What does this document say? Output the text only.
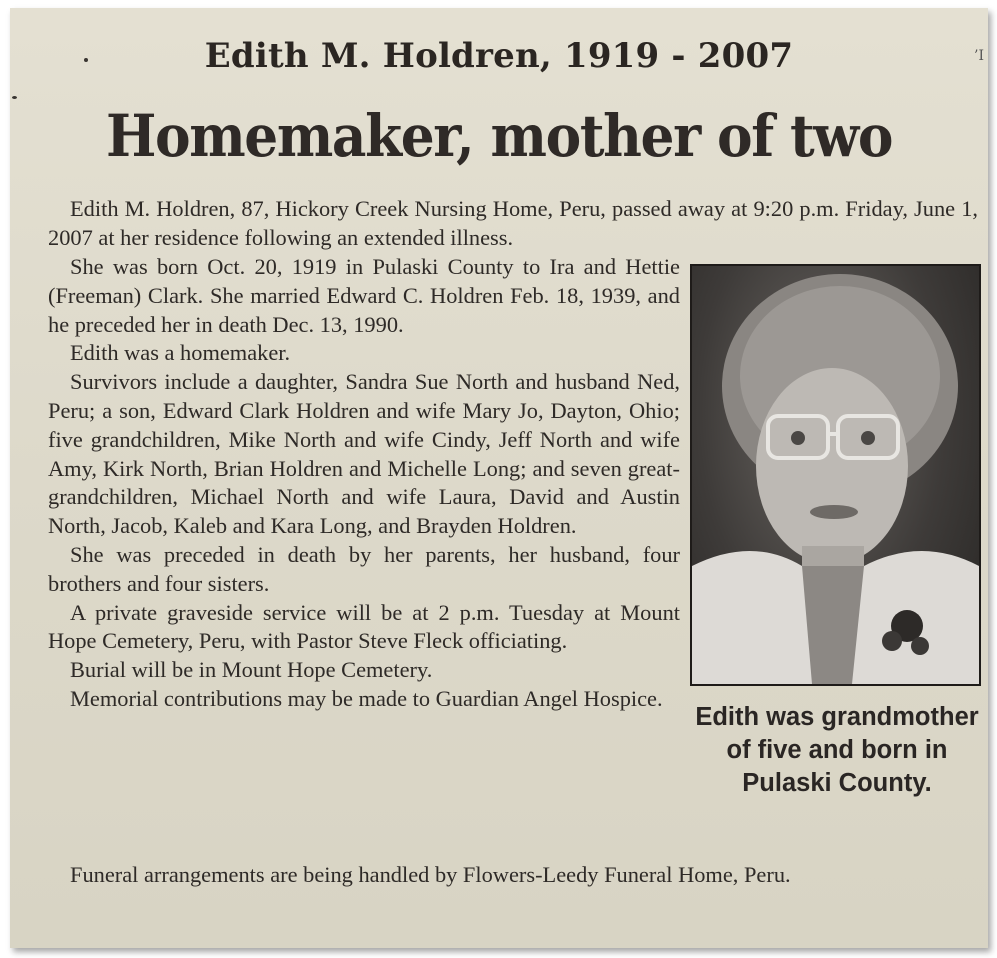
’I
Edith M. Holdren, 1919 - 2007
Homemaker, mother of two

Edith M. Holdren, 87, Hickory Creek Nursing Home, Peru, passed away at 9:20 p.m. Friday, June 1, 2007 at her residence following an extended illness.

She was born Oct. 20, 1919 in Pulaski County to Ira and Hettie (Freeman) Clark. She married Edward C. Holdren Feb. 18, 1939, and he preceded her in death Dec. 13, 1990.

Edith was a homemaker.

Survivors include a daughter, Sandra Sue North and husband Ned, Peru; a son, Edward Clark Holdren and wife Mary Jo, Dayton, Ohio; five grandchildren, Mike North and wife Cindy, Jeff North and wife Amy, Kirk North, Brian Holdren and Michelle Long; and seven great-grandchildren, Michael North and wife Laura, David and Austin North, Jacob, Kaleb and Kara Long, and Brayden Holdren.

She was preceded in death by her parents, her husband, four brothers and four sisters.

A private graveside service will be at 2 p.m. Tuesday at Mount Hope Cemetery, Peru, with Pastor Steve Fleck officiating.

Burial will be in Mount Hope Cemetery.

Memorial contributions may be made to Guardian Angel Hospice.

Edith was grandmother of five and born in Pulaski County.

Funeral arrangements are being handled by Flowers-Leedy Funeral Home, Peru.
